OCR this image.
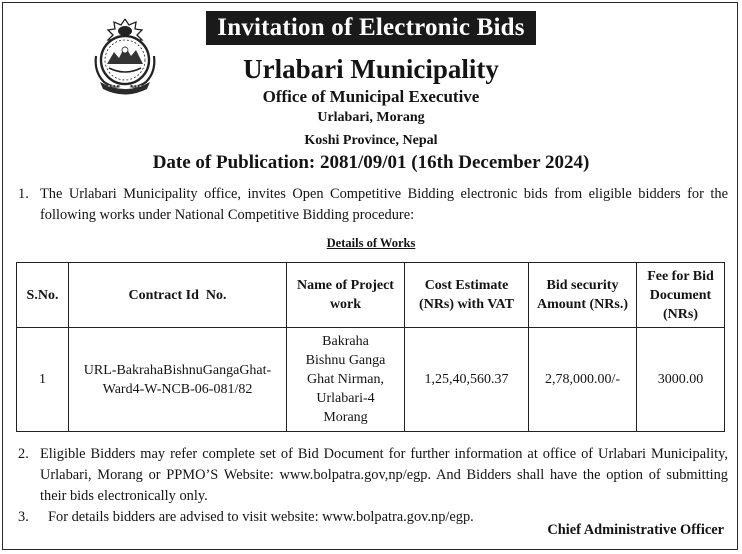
Invitation of Electronic Bids
Urlabari Municipality
Office of Municipal Executive
Urlabari, Morang
Koshi Province, Nepal
Date of Publication: 2081/09/01 (16th December 2024)
1. The Urlabari Municipality office, invites Open Competitive Bidding electronic bids from eligible bidders for the following works under National Competitive Bidding procedure:
Details of Works
S.No.	Contract Id  No.	Name of Project work	Cost Estimate (NRs) with VAT	Bid security Amount (NRs.)	Fee for Bid Document (NRs)
1	URL-BakrahaBishnuGangaGhat-Ward4-W-NCB-06-081/82	Bakraha Bishnu Ganga Ghat Nirman, Urlabari-4 Morang	1,25,40,560.37	2,78,000.00/-	3000.00
2. Eligible Bidders may refer complete set of Bid Document for further information at office of Urlabari Municipality, Urlabari, Morang or PPMO’S Website: www.bolpatra.gov,np/egp. And Bidders shall have the option of submitting their bids electronically only.
3. For details bidders are advised to visit website: www.bolpatra.gov.np/egp.
Chief Administrative Officer
